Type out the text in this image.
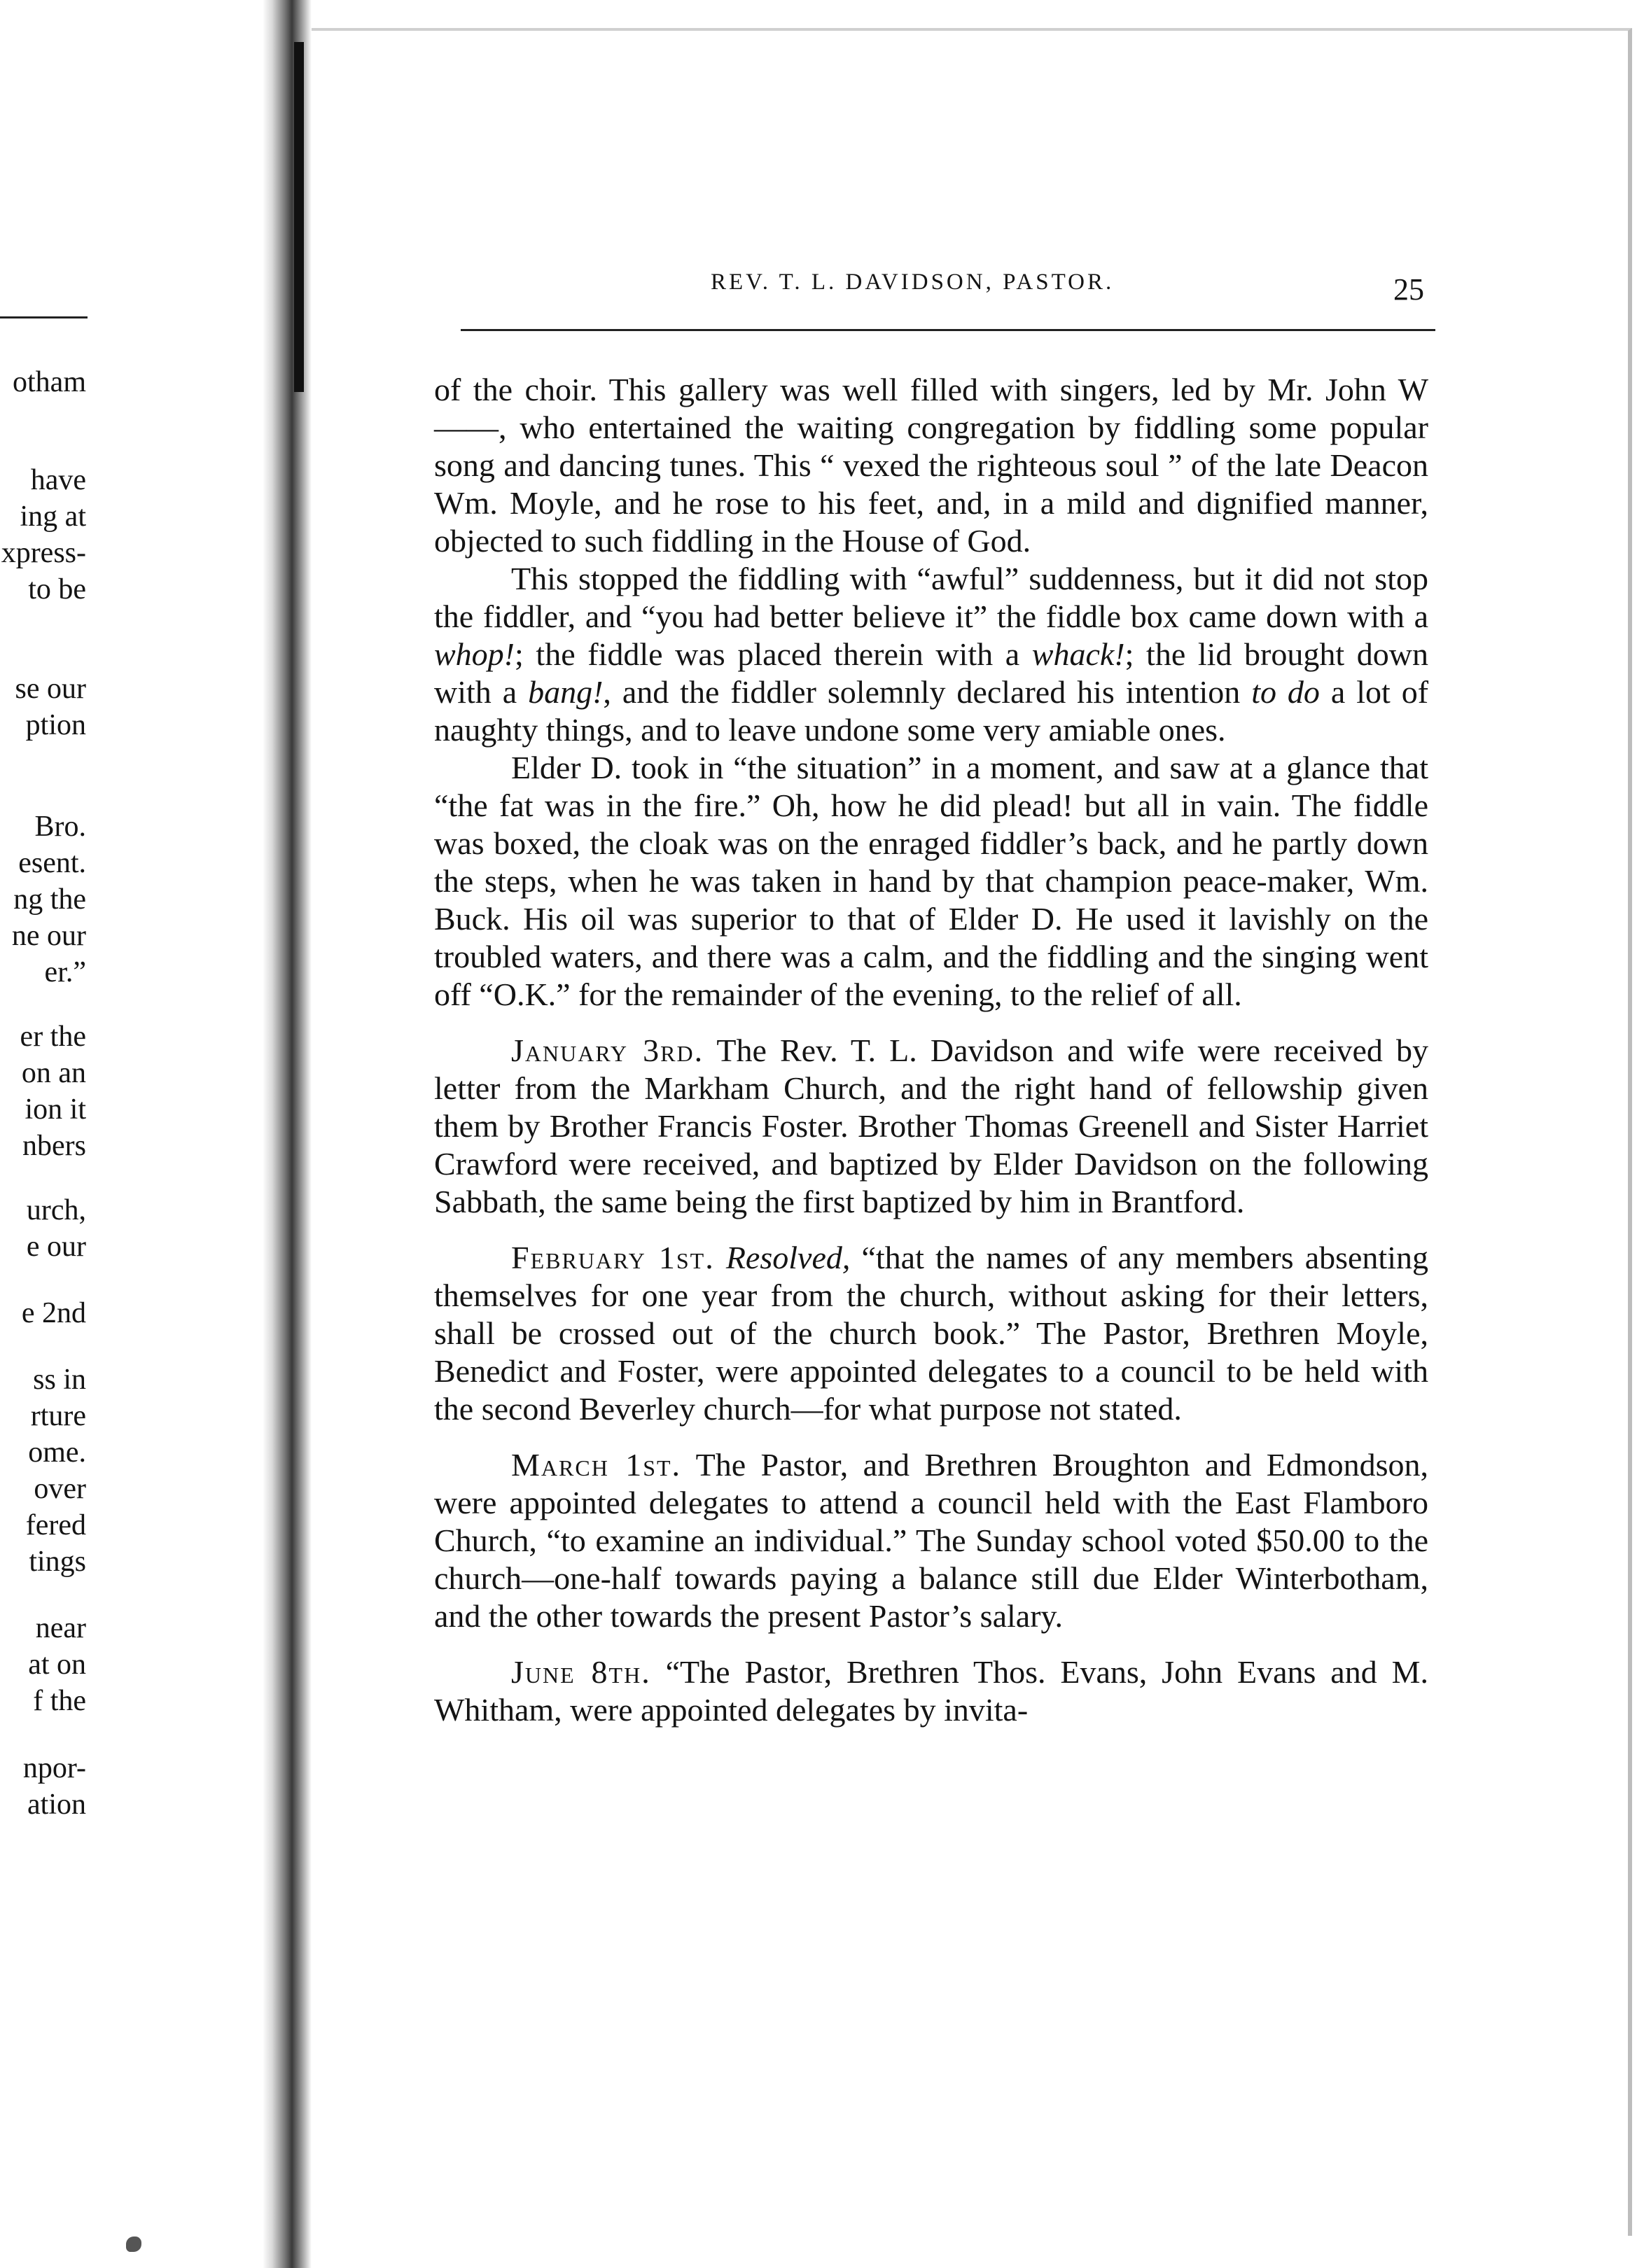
otham
have
ing at
xpress-
to be
se our
ption
Bro.
esent.
ng the
ne our
er.”
er the
on an
ion it
nbers
urch,
e our
e 2nd
ss in
rture
ome.
over
fered
tings
near
at on
f the
npor-
ation
REV. T. L. DAVIDSON, PASTOR.	25

of the choir. This gallery was well filled with singers, led by Mr. John W——, who entertained the waiting congregation by fiddling some popular song and dancing tunes. This “ vexed the righteous soul ” of the late Deacon Wm. Moyle, and he rose to his feet, and, in a mild and dignified manner, objected to such fiddling in the House of God.

This stopped the fiddling with “awful” suddenness, but it did not stop the fiddler, and “you had better believe it” the fiddle box came down with a whop!; the fiddle was placed therein with a whack!; the lid brought down with a bang!, and the fiddler solemnly declared his intention to do a lot of naughty things, and to leave undone some very amiable ones.

Elder D. took in “the situation” in a moment, and saw at a glance that “the fat was in the fire.” Oh, how he did plead! but all in vain. The fiddle was boxed, the cloak was on the enraged fiddler’s back, and he partly down the steps, when he was taken in hand by that champion peace-maker, Wm. Buck. His oil was superior to that of Elder D. He used it lavishly on the troubled waters, and there was a calm, and the fiddling and the singing went off “O.K.” for the remainder of the evening, to the relief of all.

January 3rd. The Rev. T. L. Davidson and wife were received by letter from the Markham Church, and the right hand of fellowship given them by Brother Francis Foster. Brother Thomas Greenell and Sister Harriet Crawford were received, and baptized by Elder Davidson on the following Sabbath, the same being the first baptized by him in Brantford.

February 1st. Resolved, “that the names of any members absenting themselves for one year from the church, without asking for their letters, shall be crossed out of the church book.” The Pastor, Brethren Moyle, Benedict and Foster, were appointed delegates to a council to be held with the second Beverley church—for what purpose not stated.

March 1st. The Pastor, and Brethren Broughton and Edmondson, were appointed delegates to attend a council held with the East Flamboro Church, “to examine an individual.” The Sunday school voted $50.00 to the church—one-half towards paying a balance still due Elder Winterbotham, and the other towards the present Pastor’s salary.

June 8th. “The Pastor, Brethren Thos. Evans, John Evans and M. Whitham, were appointed delegates by invita-
